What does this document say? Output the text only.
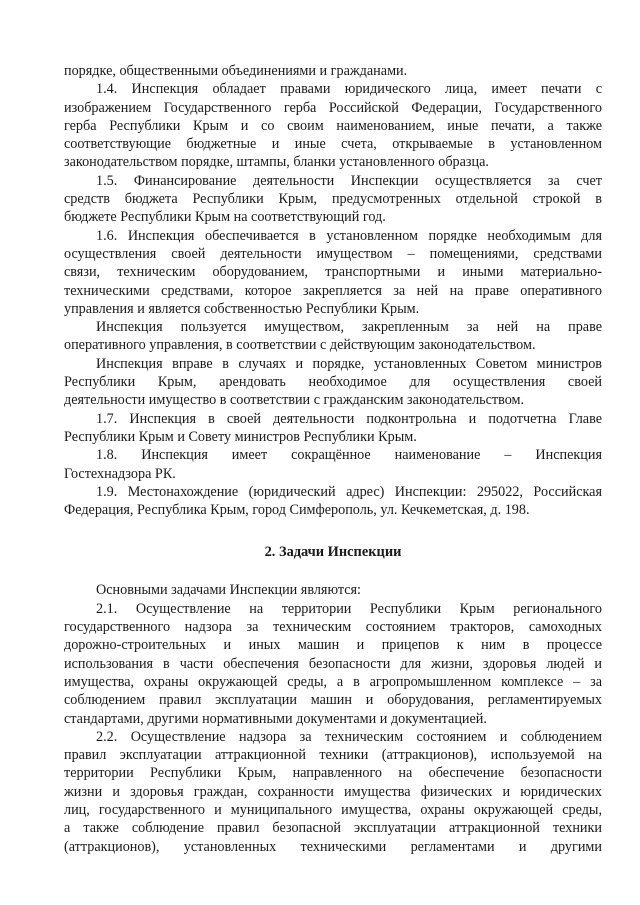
порядке, общественными объединениями и гражданами.
1.4. Инспекция обладает правами юридического лица, имеет печати с
изображением Государственного герба Российской Федерации, Государственного
герба Республики Крым и со своим наименованием, иные печати, а также
соответствующие бюджетные и иные счета, открываемые в установленном
законодательством порядке, штампы, бланки установленного образца.
1.5. Финансирование деятельности Инспекции осуществляется за счет
средств бюджета Республики Крым, предусмотренных отдельной строкой в
бюджете Республики Крым на соответствующий год.
1.6. Инспекция обеспечивается в установленном порядке необходимым для
осуществления своей деятельности имуществом – помещениями, средствами
связи, техническим оборудованием, транспортными и иными материально-
техническими средствами, которое закрепляется за ней на праве оперативного
управления и является собственностью Республики Крым.
Инспекция пользуется имуществом, закрепленным за ней на праве
оперативного управления, в соответствии с действующим законодательством.
Инспекция вправе в случаях и порядке, установленных Советом министров
Республики Крым, арендовать необходимое для осуществления своей
деятельности имущество в соответствии с гражданским законодательством.
1.7. Инспекция в своей деятельности подконтрольна и подотчетна Главе
Республики Крым и Совету министров Республики Крым.
1.8. Инспекция имеет сокращённое наименование – Инспекция
Гостехнадзора РК.
1.9. Местонахождение (юридический адрес) Инспекции: 295022, Российская
Федерация, Республика Крым, город Симферополь, ул. Кечкеметская, д. 198.
2. Задачи Инспекции
Основными задачами Инспекции являются:
2.1. Осуществление на территории Республики Крым регионального
государственного надзора за техническим состоянием тракторов, самоходных
дорожно-строительных и иных машин и прицепов к ним в процессе
использования в части обеспечения безопасности для жизни, здоровья людей и
имущества, охраны окружающей среды, а в агропромышленном комплексе – за
соблюдением правил эксплуатации машин и оборудования, регламентируемых
стандартами, другими нормативными документами и документацией.
2.2. Осуществление надзора за техническим состоянием и соблюдением
правил эксплуатации аттракционной техники (аттракционов), используемой на
территории Республики Крым, направленного на обеспечение безопасности
жизни и здоровья граждан, сохранности имущества физических и юридических
лиц, государственного и муниципального имущества, охраны окружающей среды,
а также соблюдение правил безопасной эксплуатации аттракционной техники
(аттракционов), установленных техническими регламентами и другими
